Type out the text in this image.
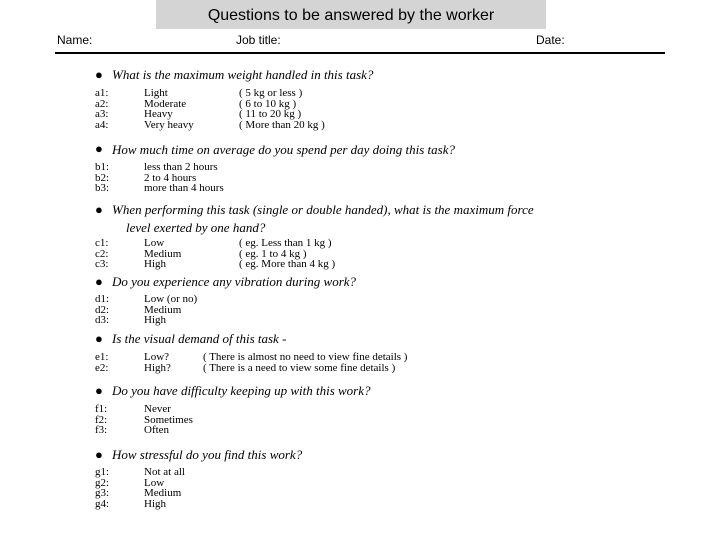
Questions to be answered by the worker
Name:	Job title:	Date:
●
What is the maximum weight handled in this task?
a1:	Light	( 5 kg or less )
a2:	Moderate	( 6 to 10 kg )
a3:	Heavy	( 11 to 20 kg )
a4:	Very heavy	( More than 20 kg )
●
How much time on average do you spend per day doing this task?
b1:	less than 2 hours
b2:	2 to 4 hours
b3:	more than 4 hours
●
When performing this task (single or double handed), what is the maximum force
level exerted by one hand?
c1:	Low	( eg. Less than 1 kg )
c2:	Medium	( eg. 1 to 4 kg )
c3:	High	( eg. More than 4 kg )
●
Do you experience any vibration during work?
d1:	Low (or no)
d2:	Medium
d3:	High
●
Is the visual demand of this task -
e1:	Low?	( There is almost no need to view fine details )
e2:	High?	( There is a need to view some fine details )
●
Do you have difficulty keeping up with this work?
f1:	Never
f2:	Sometimes
f3:	Often
●
How stressful do you find this work?
g1:	Not at all
g2:	Low
g3:	Medium
g4:	High
